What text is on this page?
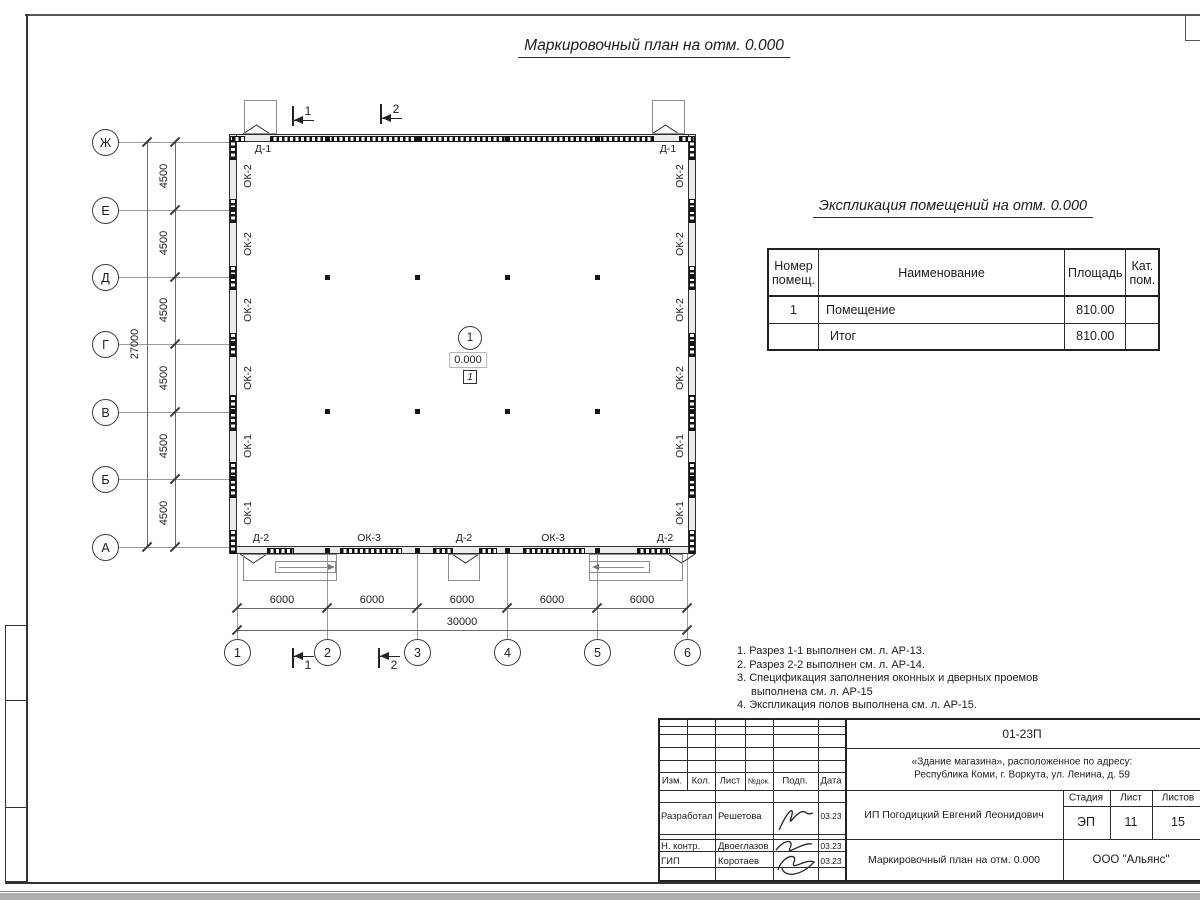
Маркировочный план на отм. 0.000
Ж
Е
Д
Г
В
Б
А
1	2	3	4	5	6
4500
4500
4500
4500
4500
4500
27000
6000	6000	6000	6000	6000
30000
ОК-2
ОК-2
ОК-2
ОК-2
ОК-1
ОК-1
ОК-2
ОК-2
ОК-2
ОК-2
ОК-1
ОК-1
Д-1	Д-1
Д-2	ОК-3	Д-2	ОК-3	Д-2
1	2
1	2
1
0.000
1
Экспликация помещений на отм. 0.000
Номер помещ.	Наименование	Площадь	Кат. пом.
1	Помещение	810.00	
	Итог	810.00	
1. Разрез 1-1 выполнен см. л. АР-13.
2. Разрез 2-2 выполнен см. л. АР-14.
3. Спецификация заполнения оконных и дверных проемов выполнена см. л. АР-15
4. Экспликация полов выполнена см. л. АР-15.
Изм. Кол. Лист №док. Подп. Дата
Разработал Решетова	03.23
Н. контр. Двоеглазов	03.23
ГИП	Коротаев	03.23
01-23П
«Здание магазина», расположенное по адресу:
Республика Коми, г. Воркута, ул. Ленина, д. 59
ИП Погодицкий Евгений Леонидович
Стадия Лист Листов
ЭП 11	15
Маркировочный план на отм. 0.000	ООО "Альянс"
